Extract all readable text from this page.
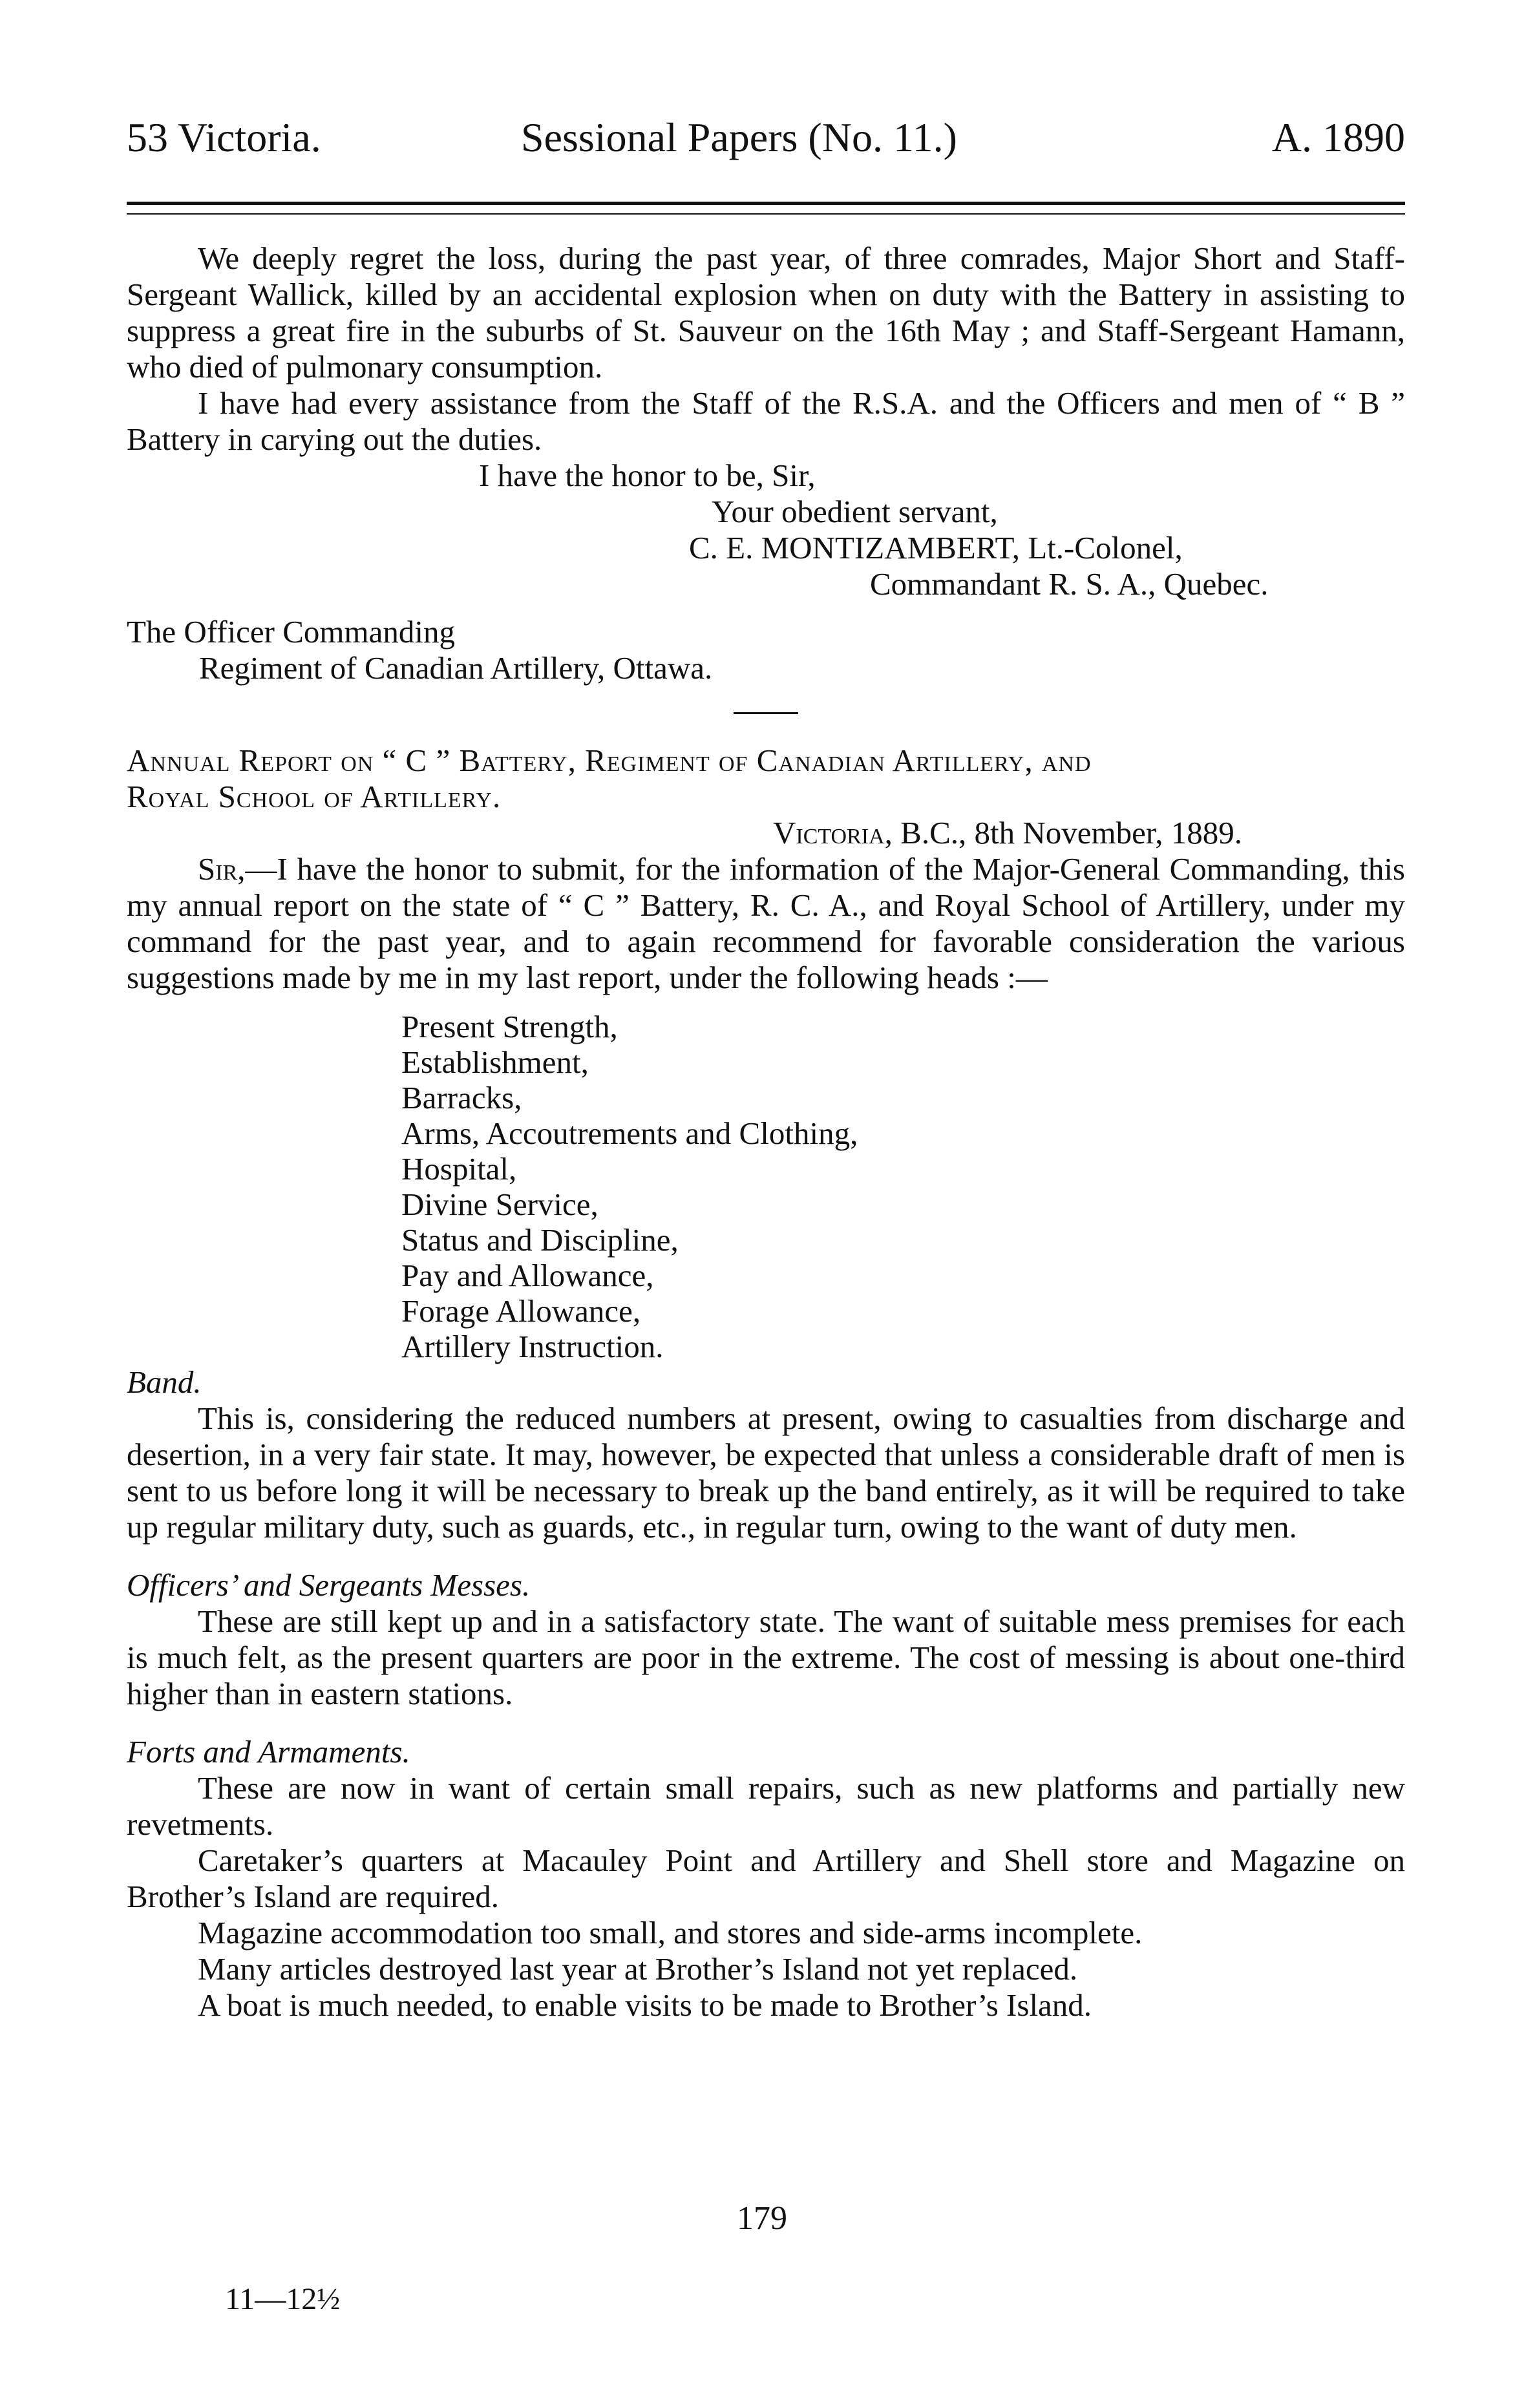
53 Victoria.	Sessional Papers (No. 11.)	A. 1890

We deeply regret the loss, during the past year, of three comrades, Major Short and Staff-Sergeant Wallick, killed by an accidental explosion when on duty with the Battery in assisting to suppress a great fire in the suburbs of St. Sauveur on the 16th May ; and Staff-Sergeant Hamann, who died of pulmonary consumption.

I have had every assistance from the Staff of the R.S.A. and the Officers and men of “ B ” Battery in carying out the duties.

I have the honor to be, Sir,

Your obedient servant,

C. E. MONTIZAMBERT, Lt.-Colonel,

Commandant R. S. A., Quebec.

The Officer Commanding

Regiment of Canadian Artillery, Ottawa.

Annual Report on “ C ” Battery, Regiment of Canadian Artillery, and

Royal School of Artillery.

Victoria, B.C., 8th November, 1889.

Sir,—I have the honor to submit, for the information of the Major-General Commanding, this my annual report on the state of “ C ” Battery, R. C. A., and Royal School of Artillery, under my command for the past year, and to again recommend for favorable consideration the various suggestions made by me in my last report, under the following heads :—

Present Strength,
Establishment,
Barracks,
Arms, Accoutrements and Clothing,
Hospital,
Divine Service,
Status and Discipline,
Pay and Allowance,
Forage Allowance,
Artillery Instruction.

Band.

This is, considering the reduced numbers at present, owing to casualties from discharge and desertion, in a very fair state. It may, however, be expected that unless a considerable draft of men is sent to us before long it will be necessary to break up the band entirely, as it will be required to take up regular military duty, such as guards, etc., in regular turn, owing to the want of duty men.

Officers’ and Sergeants Messes.

These are still kept up and in a satisfactory state. The want of suitable mess premises for each is much felt, as the present quarters are poor in the extreme. The cost of messing is about one-third higher than in eastern stations.

Forts and Armaments.

These are now in want of certain small repairs, such as new platforms and partially new revetments.

Caretaker’s quarters at Macauley Point and Artillery and Shell store and Magazine on Brother’s Island are required.

Magazine accommodation too small, and stores and side-arms incomplete.

Many articles destroyed last year at Brother’s Island not yet replaced.

A boat is much needed, to enable visits to be made to Brother’s Island.

179
11—12½
